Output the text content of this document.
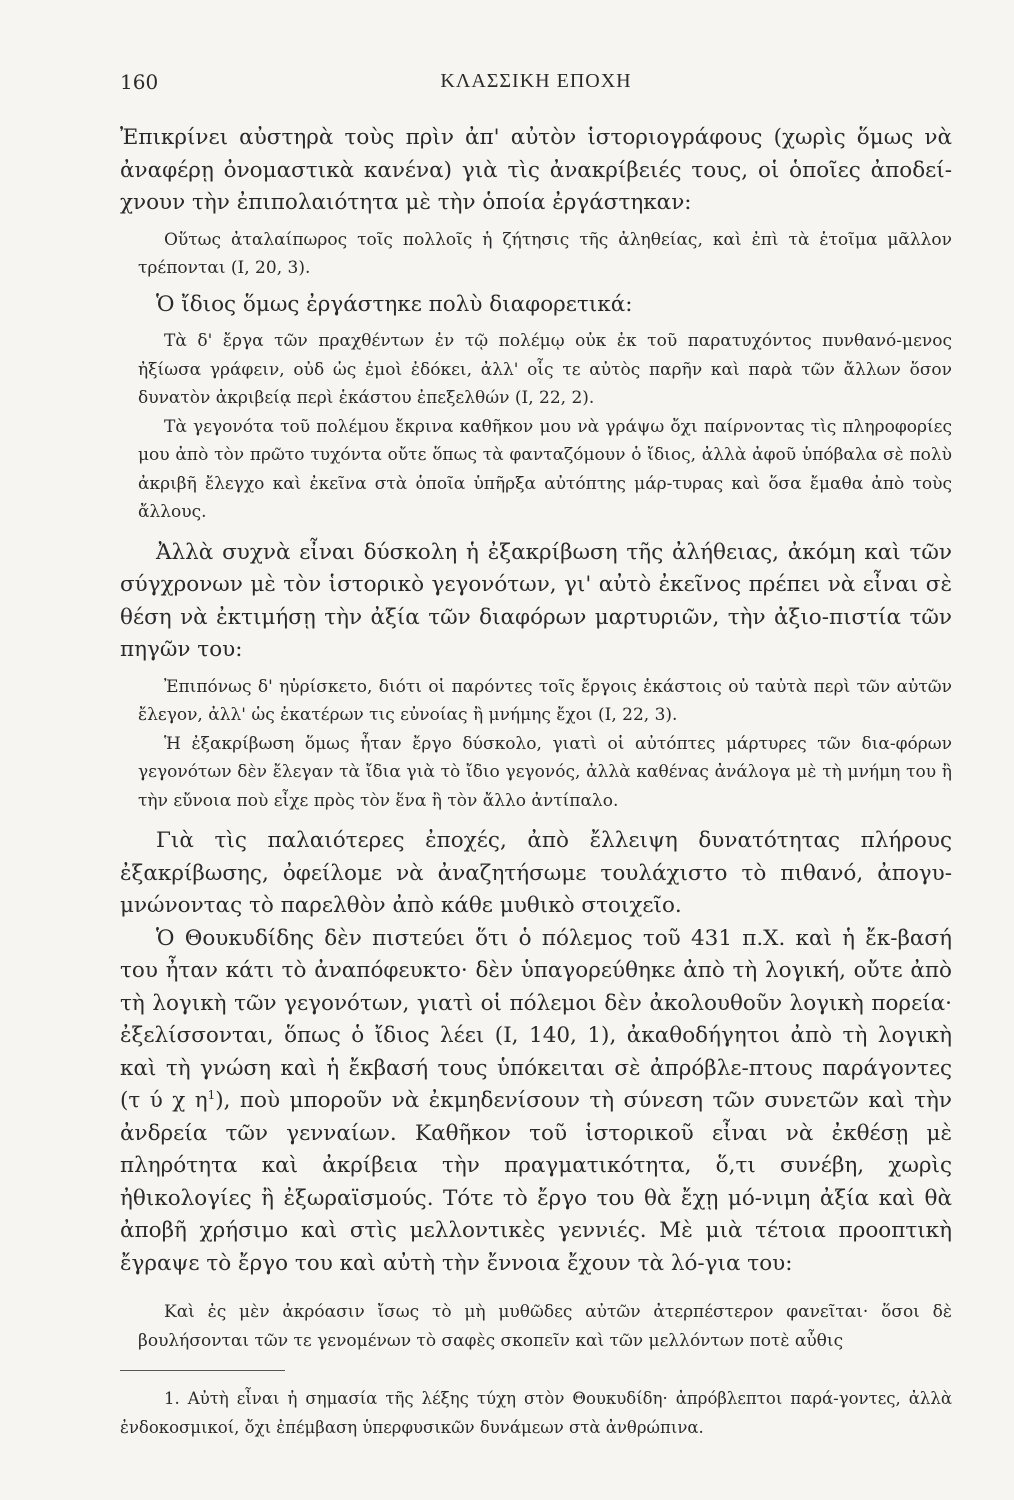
160	ΚΛΑΣΣΙΚΗ ΕΠΟΧΗ

Ἐπικρίνει αὐστηρὰ τοὺς πρὶν ἀπ' αὐτὸν ἱστοριογράφους (χωρὶς ὅμως νὰ ἀναφέρῃ ὀνομαστικὰ κανένα) γιὰ τὶς ἀνακρίβειές τους, οἱ ὁποῖες ἀποδεί-χνουν τὴν ἐπιπολαιότητα μὲ τὴν ὁποία ἐργάστηκαν:

Οὕτως ἀταλαίπωρος τοῖς πολλοῖς ἡ ζήτησις τῆς ἀληθείας, καὶ ἐπὶ τὰ ἑτοῖμα μᾶλλον τρέπονται (Ι, 20, 3).

Ὁ ἴδιος ὅμως ἐργάστηκε πολὺ διαφορετικά:

Τὰ δ' ἔργα τῶν πραχθέντων ἐν τῷ πολέμῳ οὐκ ἐκ τοῦ παρατυχόντος πυνθανό-μενος ἠξίωσα γράφειν, οὐδ ὡς ἐμοὶ ἐδόκει, ἀλλ' οἷς τε αὐτὸς παρῆν καὶ παρὰ τῶν ἄλλων ὅσον δυνατὸν ἀκριβείᾳ περὶ ἑκάστου ἐπεξελθών (Ι, 22, 2).

Τὰ γεγονότα τοῦ πολέμου ἔκρινα καθῆκον μου νὰ γράψω ὄχι παίρνοντας τὶς πληροφορίες μου ἀπὸ τὸν πρῶτο τυχόντα οὔτε ὅπως τὰ φανταζόμουν ὁ ἴδιος, ἀλλὰ ἀφοῦ ὑπόβαλα σὲ πολὺ ἀκριβῆ ἔλεγχο καὶ ἐκεῖνα στὰ ὁποῖα ὑπῆρξα αὐτόπτης μάρ-τυρας καὶ ὅσα ἔμαθα ἀπὸ τοὺς ἄλλους.

Ἀλλὰ συχνὰ εἶναι δύσκολη ἡ ἐξακρίβωση τῆς ἀλήθειας, ἀκόμη καὶ τῶν σύγχρονων μὲ τὸν ἱστορικὸ γεγονότων, γι' αὐτὸ ἐκεῖνος πρέπει νὰ εἶναι σὲ θέση νὰ ἐκτιμήσῃ τὴν ἀξία τῶν διαφόρων μαρτυριῶν, τὴν ἀξιο-πιστία τῶν πηγῶν του:

Ἐπιπόνως δ' ηὑρίσκετο, διότι οἱ παρόντες τοῖς ἔργοις ἑκάστοις οὐ ταὐτὰ περὶ τῶν αὐτῶν ἔλεγον, ἀλλ' ὡς ἑκατέρων τις εὐνοίας ἢ μνήμης ἔχοι (Ι, 22, 3).

Ἡ ἐξακρίβωση ὅμως ἦταν ἔργο δύσκολο, γιατὶ οἱ αὐτόπτες μάρτυρες τῶν δια-φόρων γεγονότων δὲν ἔλεγαν τὰ ἴδια γιὰ τὸ ἴδιο γεγονός, ἀλλὰ καθένας ἀνάλογα μὲ τὴ μνήμη του ἢ τὴν εὔνοια ποὺ εἶχε πρὸς τὸν ἕνα ἢ τὸν ἄλλο ἀντίπαλο.

Γιὰ τὶς παλαιότερες ἐποχές, ἀπὸ ἔλλειψη δυνατότητας πλήρους ἐξακρίβωσης, ὀφείλομε νὰ ἀναζητήσωμε τουλάχιστο τὸ πιθανό, ἀπογυ-μνώνοντας τὸ παρελθὸν ἀπὸ κάθε μυθικὸ στοιχεῖο.

Ὁ Θουκυδίδης δὲν πιστεύει ὅτι ὁ πόλεμος τοῦ 431 π.Χ. καὶ ἡ ἔκ-βασή του ἦταν κάτι τὸ ἀναπόφευκτο· δὲν ὑπαγορεύθηκε ἀπὸ τὴ λογική, οὔτε ἀπὸ τὴ λογικὴ τῶν γεγονότων, γιατὶ οἱ πόλεμοι δὲν ἀκολουθοῦν λογικὴ πορεία· ἐξελίσσονται, ὅπως ὁ ἴδιος λέει (Ι, 140, 1), ἀκαθοδήγητοι ἀπὸ τὴ λογικὴ καὶ τὴ γνώση καὶ ἡ ἔκβασή τους ὑπόκειται σὲ ἀπρόβλε-πτους παράγοντες (τ ύ χ $\eta^1$), ποὺ μποροῦν νὰ ἐκμηδενίσουν τὴ σύνεση τῶν συνετῶν καὶ τὴν ἀνδρεία τῶν γενναίων. Καθῆκον τοῦ ἱστορικοῦ εἶναι νὰ ἐκθέσῃ μὲ πληρότητα καὶ ἀκρίβεια τὴν πραγματικότητα, ὅ,τι συνέβη, χωρὶς ἠθικολογίες ἢ ἐξωραϊσμούς. Τότε τὸ ἔργο του θὰ ἔχῃ μό-νιμη ἀξία καὶ θὰ ἀποβῆ χρήσιμο καὶ στὶς μελλοντικὲς γεννιές. Μὲ μιὰ τέτοια προοπτικὴ ἔγραψε τὸ ἔργο του καὶ αὐτὴ τὴν ἔννοια ἔχουν τὰ λό-για του:

Καὶ ἐς μὲν ἀκρόασιν ἴσως τὸ μὴ μυθῶδες αὐτῶν ἀτερπέστερον φανεῖται· ὅσοι δὲ βουλήσονται τῶν τε γενομένων τὸ σαφὲς σκοπεῖν καὶ τῶν μελλόντων ποτὲ αὖθις

1. Αὐτὴ εἶναι ἡ σημασία τῆς λέξης τύχη στὸν Θουκυδίδη· ἀπρόβλεπτοι παρά-γοντες, ἀλλὰ ἐνδοκοσμικοί, ὄχι ἐπέμβαση ὑπερφυσικῶν δυνάμεων στὰ ἀνθρώπινα.
